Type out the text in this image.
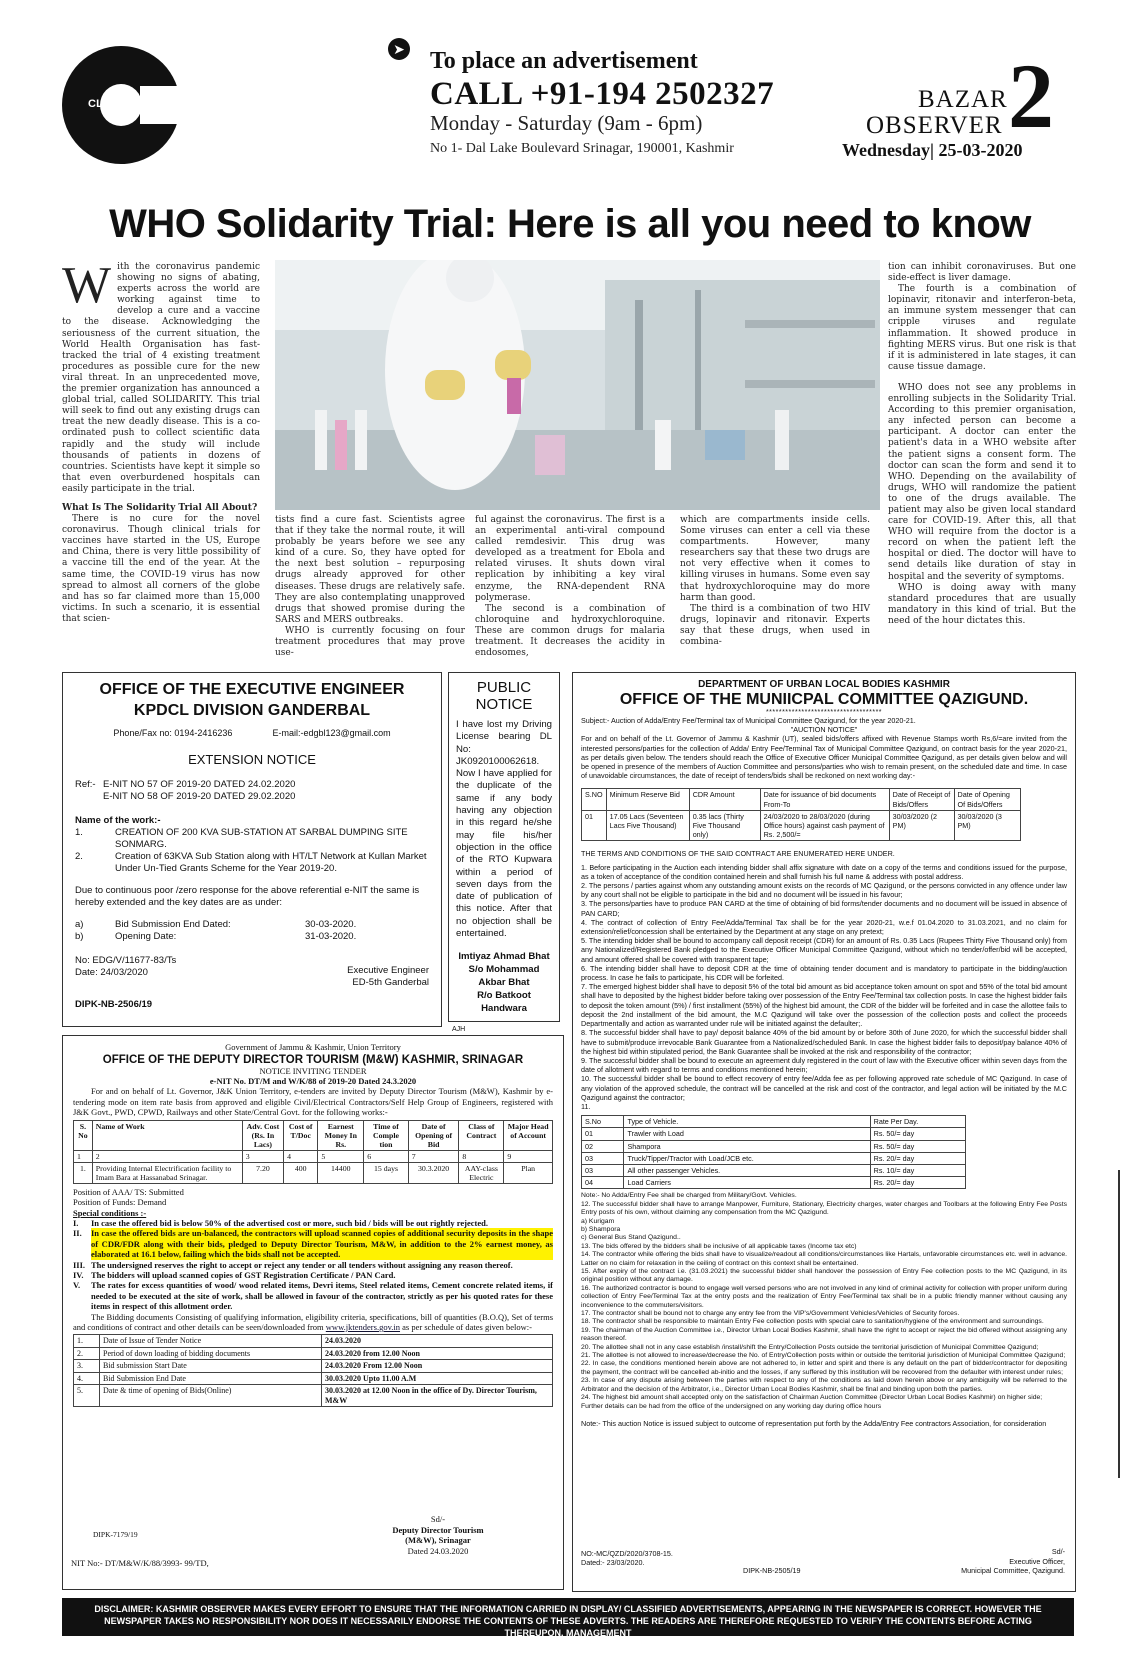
CLASSIFIEDS
➤ To place an advertisement
CALL +91-194 2502327
Monday - Saturday (9am - 6pm)
No 1- Dal Lake Boulevard Srinagar, 190001, Kashmir
BAZAR
OBSERVER 2
Wednesday| 25-03-2020
WHO Solidarity Trial: Here is all you need to know
W ith the coronavirus pandemic showing no signs of abating, experts across the world are working against time to develop a cure and a vaccine to the disease. Acknowledging the seriousness of the current situation, the World Health Organisation has fast-tracked the trial of 4 existing treatment procedures as possible cure for the new viral threat. In an unprecedented move, the premier organization has announced a global trial, called SOLIDARITY. This trial will seek to find out any existing drugs can treat the new deadly disease. This is a co-ordinated push to collect scientific data rapidly and the study will include thousands of patients in dozens of countries. Scientists have kept it simple so that even overburdened hospitals can easily participate in the trial.

What Is The Solidarity Trial All About?

There is no cure for the novel coronavirus. Though clinical trials for vaccines have started in the US, Europe and China, there is very little possibility of a vaccine till the end of the year. At the same time, the COVID-19 virus has now spread to almost all corners of the globe and has so far claimed more than 15,000 victims. In such a scenario, it is essential that scien-

tists find a cure fast. Scientists agree that if they take the normal route, it will probably be years before we see any kind of a cure. So, they have opted for the next best solution – repurposing drugs already approved for other diseases. These drugs are relatively safe. They are also contemplating unapproved drugs that showed promise during the SARS and MERS outbreaks.

WHO is currently focusing on four treatment procedures that may prove use-

ful against the coronavirus. The first is a an experimental anti-viral compound called remdesivir. This drug was developed as a treatment for Ebola and related viruses. It shuts down viral replication by inhibiting a key viral enzyme, the RNA-dependent RNA polymerase.

The second is a combination of chloroquine and hydroxychloroquine. These are common drugs for malaria treatment. It decreases the acidity in endosomes,

which are compartments inside cells. Some viruses can enter a cell via these compartments. However, many researchers say that these two drugs are not very effective when it comes to killing viruses in humans. Some even say that hydroxychloroquine may do more harm than good.

The third is a combination of two HIV drugs, lopinavir and ritonavir. Experts say that these drugs, when used in combina-

tion can inhibit coronaviruses. But one side-effect is liver damage.

The fourth is a combination of lopinavir, ritonavir and interferon-beta, an immune system messenger that can cripple viruses and regulate inflammation. It showed produce in fighting MERS virus. But one risk is that if it is administered in late stages, it can cause tissue damage.

WHO does not see any problems in enrolling subjects in the Solidarity Trial. According to this premier organisation, any infected person can become a participant. A doctor can enter the patient's data in a WHO website after the patient signs a consent form. The doctor can scan the form and send it to WHO. Depending on the availability of drugs, WHO will randomize the patient to one of the drugs available. The patient may also be given local standard care for COVID-19. After this, all that WHO will require from the doctor is a record on when the patient left the hospital or died. The doctor will have to send details like duration of stay in hospital and the severity of symptoms.

WHO is doing away with many standard procedures that are usually mandatory in this kind of trial. But the need of the hour dictates this.

OFFICE OF THE EXECUTIVE ENGINEER
KPDCL DIVISION GANDERBAL
Phone/Fax no: 0194-2416236	E-mail:-edgbl123@gmail.com
EXTENSION NOTICE
Ref:- E-NIT NO 57 OF 2019-20 DATED 24.02.2020
E-NIT NO 58 OF 2019-20 DATED 29.02.2020
Name of the work:-
1.	CREATION OF 200 KVA SUB-STATION AT SARBAL DUMPING SITE SONMARG.
2.	Creation of 63KVA Sub Station along with HT/LT Network at Kullan Market Under Un-Tied Grants Scheme for the Year 2019-20.
Due to continuous poor /zero response for the above referential e-NIT the same is hereby extended and the key dates are as under:
a)	Bid Submission End Dated:	30-03-2020.
b)	Opening Date:	31-03-2020.
No: EDG/V/11677-83/Ts
Date: 24/03/2020	Executive Engineer
ED-5th Ganderbal
DIPK-NB-2506/19
PUBLIC
NOTICE
I have lost my Driving License bearing DL No: JK0920100062618. Now I have applied for the duplicate of the same if any body having any objection in this regard he/she may file his/her objection in the office of the RTO Kupwara within a period of seven days from the date of publication of this notice. After that no objection shall be entertained.
Imtiyaz Ahmad Bhat
S/o Mohammad
Akbar Bhat
R/o Batkoot
Handwara
AJH
Government of Jammu & Kashmir, Union Territory
OFFICE OF THE DEPUTY DIRECTOR TOURISM (M&W) KASHMIR, SRINAGAR
NOTICE INVITING TENDER
e-NIT No. DT/M and W/K/88 of 2019-20 Dated 24.3.2020
For and on behalf of Lt. Governor, J&K Union Territory, e-tenders are invited by Deputy Director Tourism (M&W), Kashmir by e-tendering mode on item rate basis from approved and eligible Civil/Electrical Contractors/Self Help Group of Engineers, registered with J&K Govt., PWD, CPWD, Railways and other State/Central Govt. for the following works:-
S. No	Name of Work	Adv. Cost (Rs. In Lacs)	Cost of T/Doc	Earnest Money In Rs.	Time of Comple tion	Date of Opening of Bid	Class of Contract	Major Head of Account
1	2	3	4	5	6	7	8	9
1.	Providing Internal Electrification facility to Imam Bara at Hassanabad Srinagar.	7.20	400	14400	15 days	30.3.2020	AAY-class Electric	Plan
Position of AAA/ TS: Submitted
Position of Funds: Demand
Special conditions :-
I.	In case the offered bid is below 50% of the advertised cost or more, such bid / bids will be out rightly rejected.
II.	In case the offered bids are un-balanced, the contractors will upload scanned copies of additional security deposits in the shape of CDR/FDR along with their bids, pledged to Deputy Director Tourism, M&W, in addition to the 2% earnest money, as elaborated at 16.1 below, failing which the bids shall not be accepted.
III. The undersigned reserves the right to accept or reject any tender or all tenders without assigning any reason thereof.
IV. The bidders will upload scanned copies of GST Registration Certificate / PAN Card.
V.	The rates for excess quantities of wood/ wood related items, Devri items, Steel related items, Cement concrete related items, if needed to be executed at the site of work, shall be allowed in favour of the contractor, strictly as per his quoted rates for these items in respect of this allotment order.
The Bidding documents Consisting of qualifying information, eligibility criteria, specifications, bill of quantities (B.O.Q), Set of terms and conditions of contract and other details can be seen/downloaded from www.jktenders.gov.in as per schedule of dates given below:-
1.	Date of Issue of Tender Notice	24.03.2020
2.	Period of down loading of bidding documents	24.03.2020 from 12.00 Noon
3.	Bid submission Start Date	24.03.2020 From 12.00 Noon
4.	Bid Submission End Date	30.03.2020 Upto 11.00 A.M
5.	Date & time of opening of Bids(Online)	30.03.2020 at 12.00 Noon in the office of Dy. Director Tourism, M&W
Sd/-
Deputy Director Tourism
(M&W), Srinagar
Dated 24.03.2020
DIPK-7179/19
NIT No:- DT/M&W/K/88/3993- 99/TD,
DEPARTMENT OF URBAN LOCAL BODIES KASHMIR
OFFICE OF THE MUNIICPAL COMMITTEE QAZIGUND.
************************************
Subject:- Auction of Adda/Entry Fee/Terminal tax of Municipal Committee Qazigund, for the year 2020-21.
"AUCTION NOTICE"
For and on behalf of the Lt. Governor of Jammu & Kashmir (UT), sealed bids/offers affixed with Revenue Stamps worth Rs,6/=are invited from the interested persons/parties for the collection of Adda/ Entry Fee/Terminal Tax of Municipal Committee Qazigund, on contract basis for the year 2020-21, as per details given below. The tenders should reach the Office of Executive Officer Municipal Committee Qazigund, as per details given below and will be opened in presence of the members of Auction Committee and persons/parties who wish to remain present, on the scheduled date and time. In case of unavoidable circumstances, the date of receipt of tenders/bids shall be reckoned on next working day:-
S.NO	Minimum Reserve Bid	CDR Amount	Date for issuance of bid documents From-To	Date of Receipt of Bids/Offers	Date of Opening Of Bids/Offers
01	17.05 Lacs (Seventeen Lacs Five Thousand)	0.35 lacs (Thirty Five Thousand only)	24/03/2020 to 28/03/2020 (during Office hours) against cash payment of Rs. 2,500/=	30/03/2020 (2 PM)	30/03/2020 (3 PM)
THE TERMS AND CONDITIONS OF THE SAID CONTRACT ARE ENUMERATED HERE UNDER.
1. Before participating in the Auction each intending bidder shall affix signature with date on a copy of the terms and conditions issued for the purpose, as a token of acceptance of the condition contained herein and shall furnish his full name & address with postal address.
2. The persons / parties against whom any outstanding amount exists on the records of MC Qazigund, or the persons convicted in any offence under law by any court shall not be eligible to participate in the bid and no document will be issued in his favour;
3. The persons/parties have to produce PAN CARD at the time of obtaining of bid forms/tender documents and no document will be issued in absence of PAN CARD;
4. The contract of collection of Entry Fee/Adda/Terminal Tax shall be for the year 2020-21, w.e.f 01.04.2020 to 31.03.2021, and no claim for extension/relief/concession shall be entertained by the Department at any stage on any pretext;
5. The intending bidder shall be bound to accompany call deposit receipt (CDR) for an amount of Rs. 0.35 Lacs (Rupees Thirty Five Thousand only) from any Nationalized/Registered Bank pledged to the Executive Officer Municipal Committee Qazigund, without which no tender/offer/bid will be accepted, and amount offered shall be covered with transparent tape;
6. The intending bidder shall have to deposit CDR at the time of obtaining tender document and is mandatory to participate in the bidding/auction process. In case he fails to participate, his CDR will be forfeited.
7. The emerged highest bidder shall have to deposit 5% of the total bid amount as bid acceptance token amount on spot and 55% of the total bid amount shall have to deposited by the highest bidder before taking over possession of the Entry Fee/Terminal tax collection posts. In case the highest bidder fails to deposit the token amount (5%) / first installment (55%) of the highest bid amount, the CDR of the bidder will be forfeited and in case the allottee fails to deposit the 2nd installment of the bid amount, the M.C Qazigund will take over the possession of the collection posts and collect the proceeds Departmentally and action as warranted under rule will be initiated against the defaulter;.
8. The successful bidder shall have to pay/ deposit balance 40% of the bid amount by or before 30th of June 2020, for which the successful bidder shall have to submit/produce irrevocable Bank Guarantee from a Nationalized/scheduled Bank. In case the highest bidder fails to deposit/pay balance 40% of the highest bid within stipulated period, the Bank Guarantee shall be invoked at the risk and responsibility of the contractor;
9. The successful bidder shall be bound to execute an agreement duly registered in the court of law with the Executive officer within seven days from the date of allotment with regard to terms and conditions mentioned herein;
10. The successful bidder shall be bound to effect recovery of entry fee/Adda fee as per following approved rate schedule of MC Qazigund. In case of any violation of the approved schedule, the contract will be cancelled at the risk and cost of the contractor, and legal action will be initiated by the M.C Qazigund against the contractor;
11.
S.No	Type of Vehicle.	Rate Per Day.
01	Trawler with Load	Rs. 50/= day
02	Shampora	Rs. 50/= day
03	Truck/Tipper/Tractor with Load/JCB etc.	Rs. 20/= day
03	All other passenger Vehicles.	Rs. 10/= day
04	Load Carriers	Rs. 20/= day
Note:- No Adda/Entry Fee shall be charged from Military/Govt. Vehicles.
12. The successful bidder shall have to arrange Manpower, Furniture, Stationary, Electricity charges, water charges and Toolbars at the following Entry Fee Posts Entry posts of his own, without claiming any compensation from the MC Qazigund.
a) Kurigam
b) Shampora
c) General Bus Stand Qazigund..
13. The bids offered by the bidders shall be inclusive of all applicable taxes (Income tax etc)
14. The contractor while offering the bids shall have to visualize/readout all conditions/circumstances like Hartals, unfavorable circumstances etc. well in advance. Latter on no claim for relaxation in the ceiling of contract on this context shall be entertained.
15. After expiry of the contract i.e. (31.03.2021) the successful bidder shall handover the possession of Entry Fee collection posts to the MC Qazigund, in its original position without any damage.
16. The authorized contractor is bound to engage well versed persons who are not involved in any kind of criminal activity for collection with proper uniform during collection of Entry Fee/Terminal Tax at the entry posts and the realization of Entry Fee/Terminal tax shall be in a public friendly manner without causing any inconvenience to the commuters/visitors.
17. The contractor shall be bound not to charge any entry fee from the VIP's/Government Vehicles/Vehicles of Security forces.
18. The contractor shall be responsible to maintain Entry Fee collection posts with special care to sanitation/hygiene of the environment and surroundings.
19. The chairman of the Auction Committee i.e., Director Urban Local Bodies Kashmir, shall have the right to accept or reject the bid offered without assigning any reason thereof.
20. The allottee shall not in any case establish /install/shift the Entry/Collection Posts outside the territorial jurisdiction of Municipal Committee Qazigund;
21. The allottee is not allowed to increase/decrease the No. of Entry/Collection posts within or outside the territorial jurisdiction of Municipal Committee Qazigund;
22. In case, the conditions mentioned herein above are not adhered to, in letter and spirit and there is any default on the part of bidder/contractor for depositing the payment, the contract will be cancelled ab-initio and the losses, if any suffered by this institution will be recovered from the defaulter with interest under rules;
23. In case of any dispute arising between the parties with respect to any of the conditions as laid down herein above or any ambiguity will be referred to the Arbitrator and the decision of the Arbitrator, i.e., Director Urban Local Bodies Kashmir, shall be final and binding upon both the parties.
24. The highest bid amount shall accepted only on the satisfaction of Chairman Auction Committee (Director Urban Local Bodies Kashmir) on higher side;
Further details can be had from the office of the undersigned on any working day during office hours
Note:- This auction Notice is issued subject to outcome of representation put forth by the Adda/Entry Fee contractors Association, for consideration
NO:-MC/QZD/2020/3708-15.
Dated:- 23/03/2020.
DIPK-NB-2505/19
Sd/-
Executive Officer,
Municipal Committee, Qazigund.
DISCLAIMER: KASHMIR OBSERVER MAKES EVERY EFFORT TO ENSURE THAT THE INFORMATION CARRIED IN DISPLAY/ CLASSIFIED ADVERTISEMENTS, APPEARING IN THE NEWSPAPER IS CORRECT. HOWEVER THE NEWSPAPER TAKES NO RESPONSIBILITY NOR DOES IT NECESSARILY ENDORSE THE CONTENTS OF THESE ADVERTS. THE READERS ARE THEREFORE REQUESTED TO VERIFY THE CONTENTS BEFORE ACTING THEREUPON. MANAGEMENT
